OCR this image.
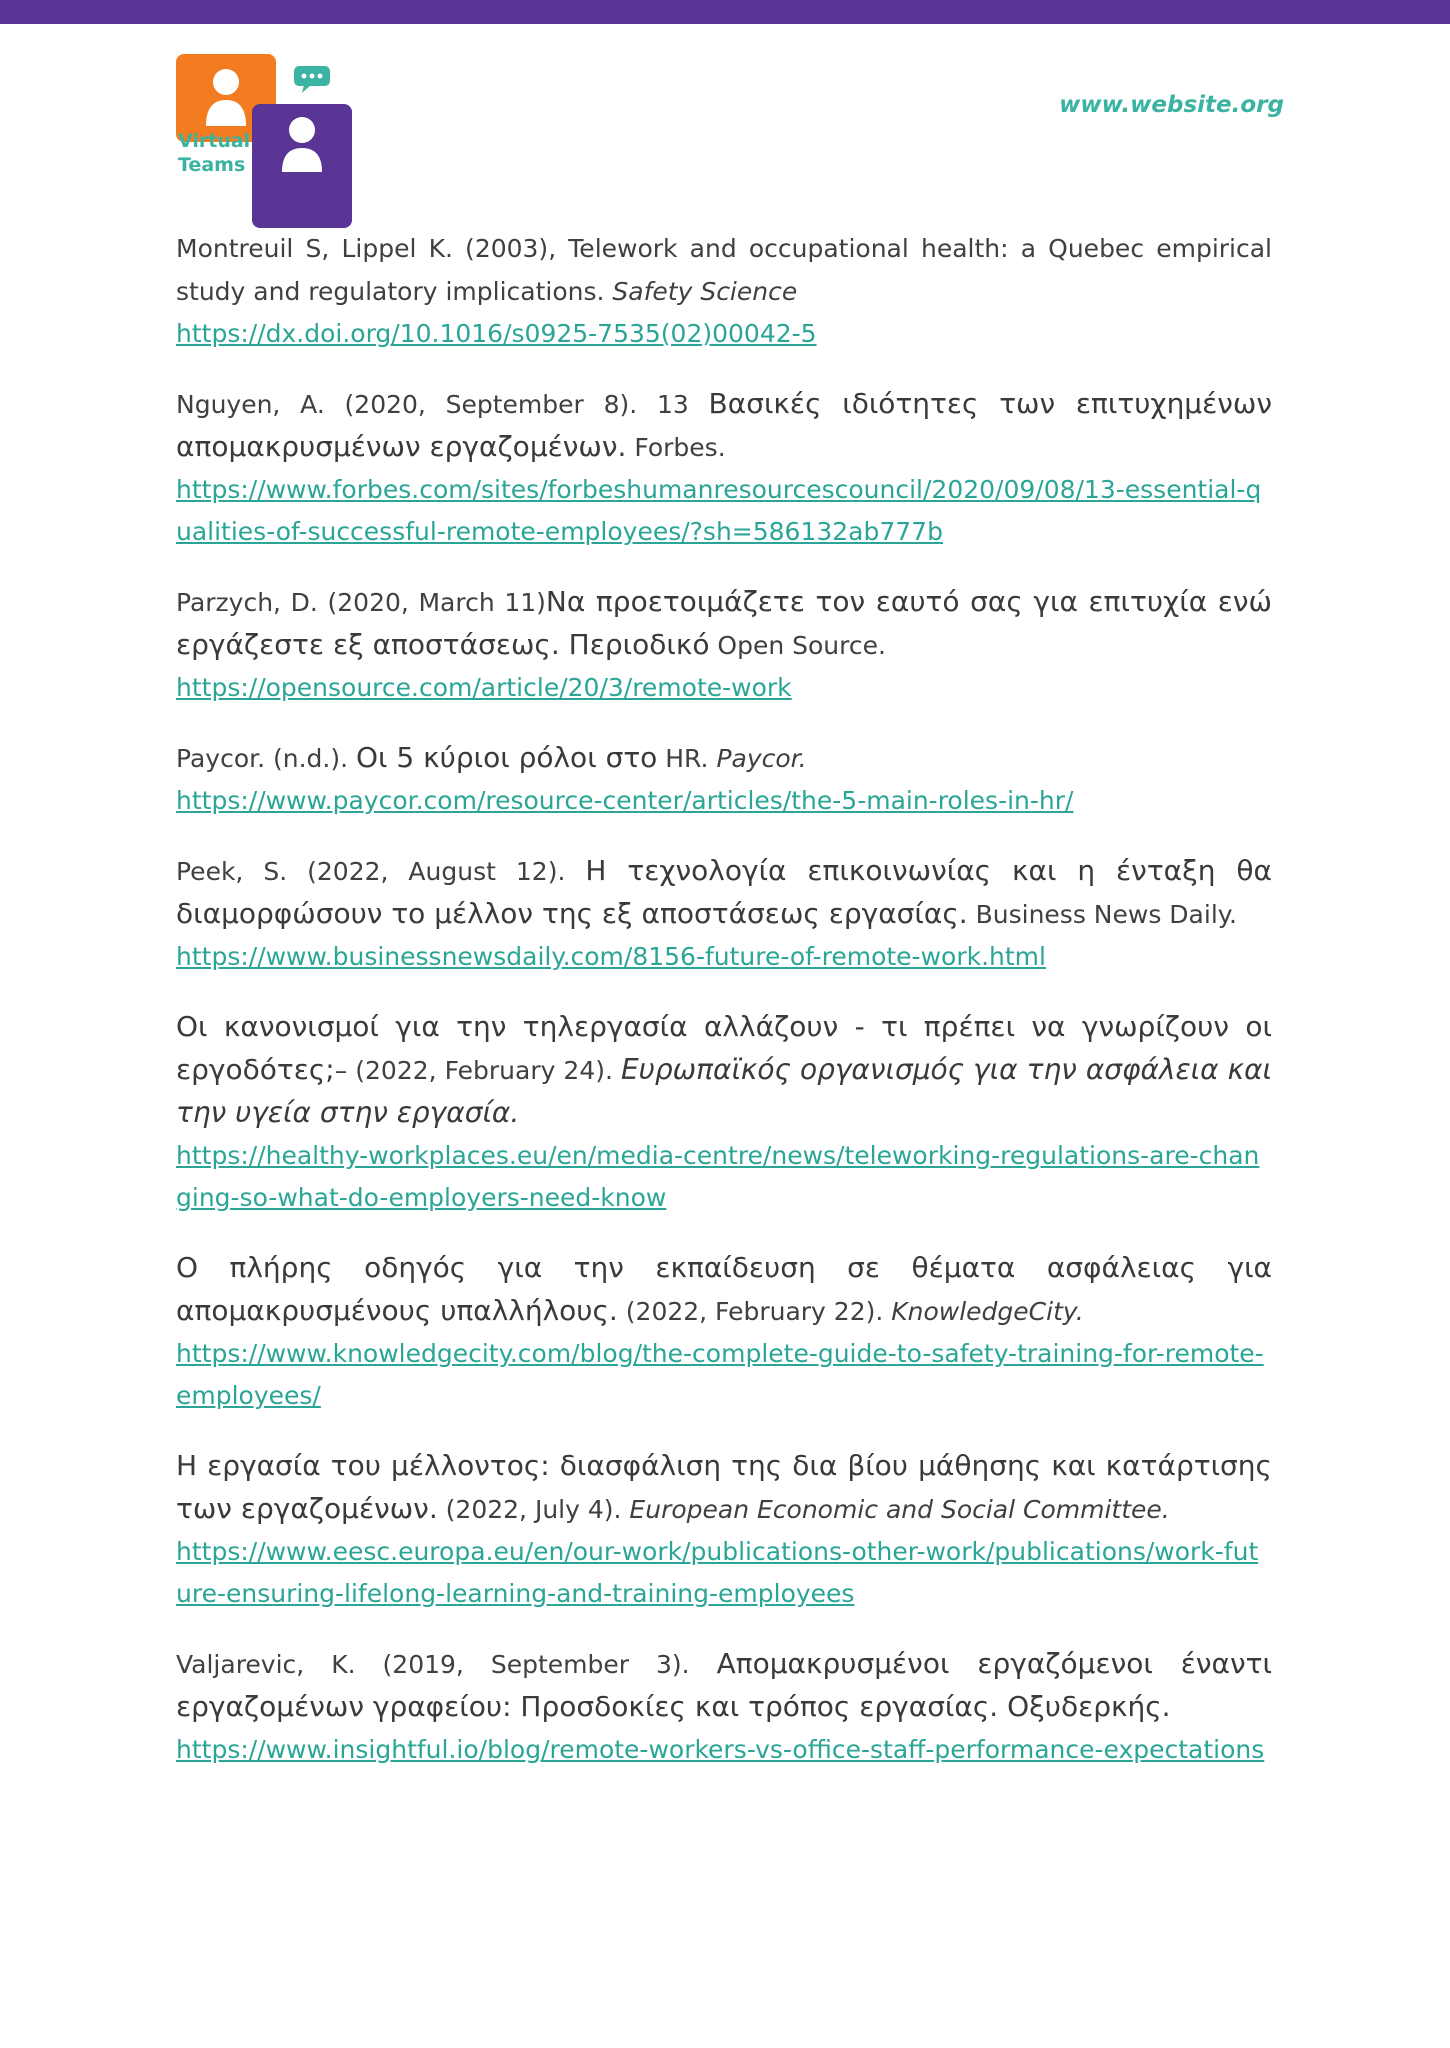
Virtual
Teams
www.website.org

Montreuil S, Lippel K. (2003), Telework and occupational health: a Quebec empirical study and regulatory implications. Safety Science
https://dx.doi.org/10.1016/s0925-7535(02)00042-5

Nguyen, A. (2020, September 8). 13 Βασικές ιδιότητες των επιτυχημένων απομακρυσμένων εργαζομένων. Forbes.
https://www.forbes.com/sites/forbeshumanresourcescouncil/2020/09/08/13-essential-qualities-of-successful-remote-employees/?sh=586132ab777b

Parzych, D. (2020, March 11)Να προετοιμάζετε τον εαυτό σας για επιτυχία ενώ εργάζεστε εξ αποστάσεως. Περιοδικό Open Source.
https://opensource.com/article/20/3/remote-work

Paycor. (n.d.). Οι 5 κύριοι ρόλοι στο HR. Paycor.
https://www.paycor.com/resource-center/articles/the-5-main-roles-in-hr/

Peek, S. (2022, August 12). Η τεχνολογία επικοινωνίας και η ένταξη θα διαμορφώσουν το μέλλον της εξ αποστάσεως εργασίας. Business News Daily.
https://www.businessnewsdaily.com/8156-future-of-remote-work.html

Οι κανονισμοί για την τηλεργασία αλλάζουν - τι πρέπει να γνωρίζουν οι εργοδότες;– (2022, February 24). Ευρωπαϊκός οργανισμός για την ασφάλεια και την υγεία στην εργασία.
https://healthy-workplaces.eu/en/media-centre/news/teleworking-regulations-are-changing-so-what-do-employers-need-know

Ο πλήρης οδηγός για την εκπαίδευση σε θέματα ασφάλειας για απομακρυσμένους υπαλλήλους. (2022, February 22). KnowledgeCity.
https://www.knowledgecity.com/blog/the-complete-guide-to-safety-training-for-remote-employees/

Η εργασία του μέλλοντος: διασφάλιση της δια βίου μάθησης και κατάρτισης των εργαζομένων. (2022, July 4). European Economic and Social Committee.
https://www.eesc.europa.eu/en/our-work/publications-other-work/publications/work-future-ensuring-lifelong-learning-and-training-employees

Valjarevic, K. (2019, September 3). Απομακρυσμένοι εργαζόμενοι έναντι εργαζομένων γραφείου: Προσδοκίες και τρόπος εργασίας. Οξυδερκής.
https://www.insightful.io/blog/remote-workers-vs-office-staff-performance-expectations
